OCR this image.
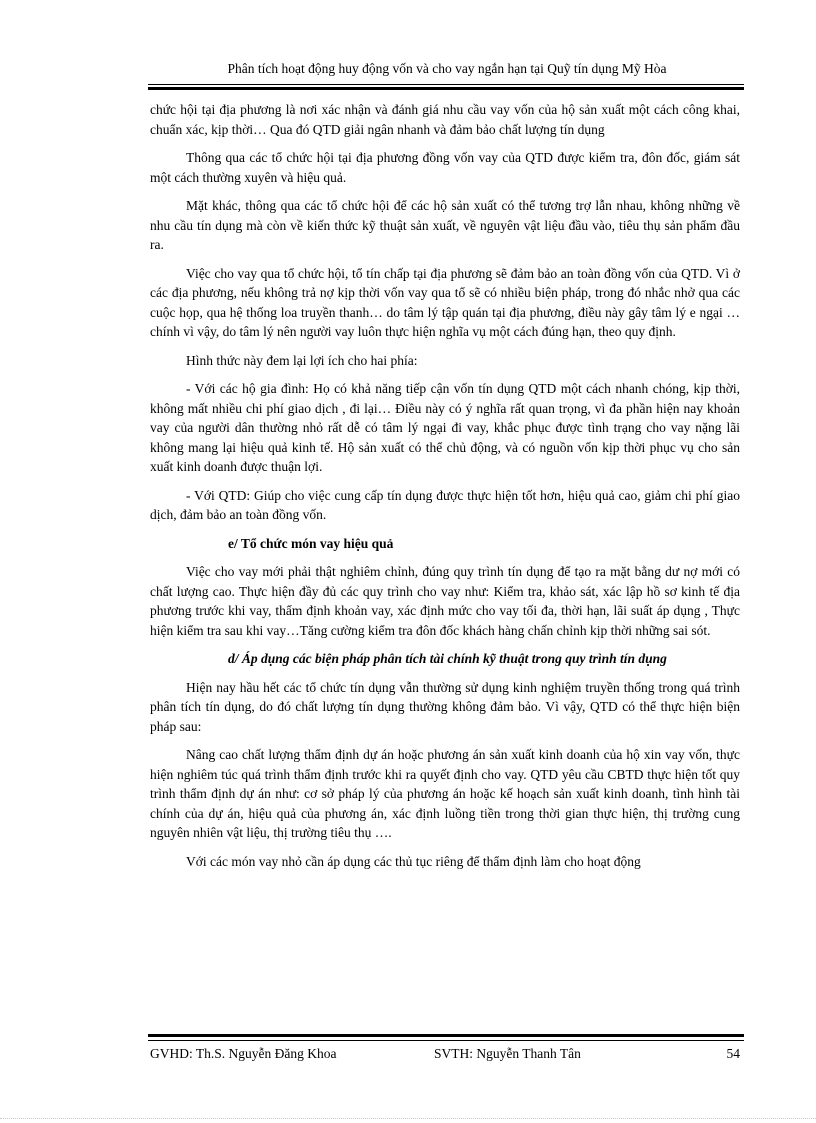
Phân tích hoạt động huy động vốn và cho vay ngắn hạn tại Quỹ tín dụng Mỹ Hòa

chức hội tại địa phương là nơi xác nhận và đánh giá nhu cầu vay vốn của hộ sản xuất một cách công khai, chuẩn xác, kịp thời… Qua đó QTD giải ngân nhanh và đảm bảo chất lượng tín dụng

Thông qua các tổ chức hội tại địa phương đồng vốn vay của QTD được kiểm tra, đôn đốc, giám sát một cách thường xuyên và hiệu quả.

Mặt khác, thông qua các tổ chức hội để các hộ sản xuất có thể tương trợ lẫn nhau, không những về nhu cầu tín dụng mà còn về kiến thức kỹ thuật sản xuất, về nguyên vật liệu đầu vào, tiêu thụ sản phẩm đầu ra.

Việc cho vay qua tổ chức hội, tổ tín chấp tại địa phương sẽ đảm bảo an toàn đồng vốn của QTD. Vì ở các địa phương, nếu không trả nợ kịp thời vốn vay qua tổ sẽ có nhiều biện pháp, trong đó nhắc nhở qua các cuộc họp, qua hệ thống loa truyền thanh… do tâm lý tập quán tại địa phương, điều này gây tâm lý e ngại … chính vì vậy, do tâm lý nên người vay luôn thực hiện nghĩa vụ một cách đúng hạn, theo quy định.

Hình thức này đem lại lợi ích cho hai phía:

- Với các hộ gia đình: Họ có khả năng tiếp cận vốn tín dụng QTD một cách nhanh chóng, kịp thời, không mất nhiều chi phí giao dịch , đi lại… Điều này có ý nghĩa rất quan trọng, vì đa phần hiện nay khoản vay của người dân thường nhỏ rất dễ có tâm lý ngại đi vay, khắc phục được tình trạng cho vay nặng lãi không mang lại hiệu quả kinh tế. Hộ sản xuất có thể chủ động, và có nguồn vốn kịp thời phục vụ cho sản xuất kinh doanh được thuận lợi.

- Với QTD: Giúp cho việc cung cấp tín dụng được thực hiện tốt hơn, hiệu quả cao, giảm chi phí giao dịch, đảm bảo an toàn đồng vốn.

e/ Tổ chức món vay hiệu quả

Việc cho vay mới phải thật nghiêm chỉnh, đúng quy trình tín dụng để tạo ra mặt bằng dư nợ mới có chất lượng cao. Thực hiện đầy đủ các quy trình cho vay như: Kiểm tra, khảo sát, xác lập hồ sơ kinh tế địa phương trước khi vay, thẩm định khoản vay, xác định mức cho vay tối đa, thời hạn, lãi suất áp dụng , Thực hiện kiểm tra sau khi vay…Tăng cường kiểm tra đôn đốc khách hàng chấn chỉnh kịp thời những sai sót.

d/ Áp dụng các biện pháp phân tích tài chính kỹ thuật trong quy trình tín dụng

Hiện nay hầu hết các tổ chức tín dụng vẫn thường sử dụng kinh nghiệm truyền thống trong quá trình phân tích tín dụng, do đó chất lượng tín dụng thường không đảm bảo. Vì vậy, QTD có thể thực hiện biện pháp sau:

Nâng cao chất lượng thẩm định dự án hoặc phương án sản xuất kinh doanh của hộ xin vay vốn, thực hiện nghiêm túc quá trình thẩm định trước khi ra quyết định cho vay. QTD yêu cầu CBTD thực hiện tốt quy trình thẩm định dự án như: cơ sở pháp lý của phương án hoặc kế hoạch sản xuất kinh doanh, tình hình tài chính của dự án, hiệu quả của phương án, xác định luồng tiền trong thời gian thực hiện, thị trường cung nguyên nhiên vật liệu, thị trường tiêu thụ ….

Với các món vay nhỏ cần áp dụng các thủ tục riêng để thẩm định làm cho hoạt động

GVHD: Th.S. Nguyễn Đăng Khoa	SVTH: Nguyễn Thanh Tân	54
